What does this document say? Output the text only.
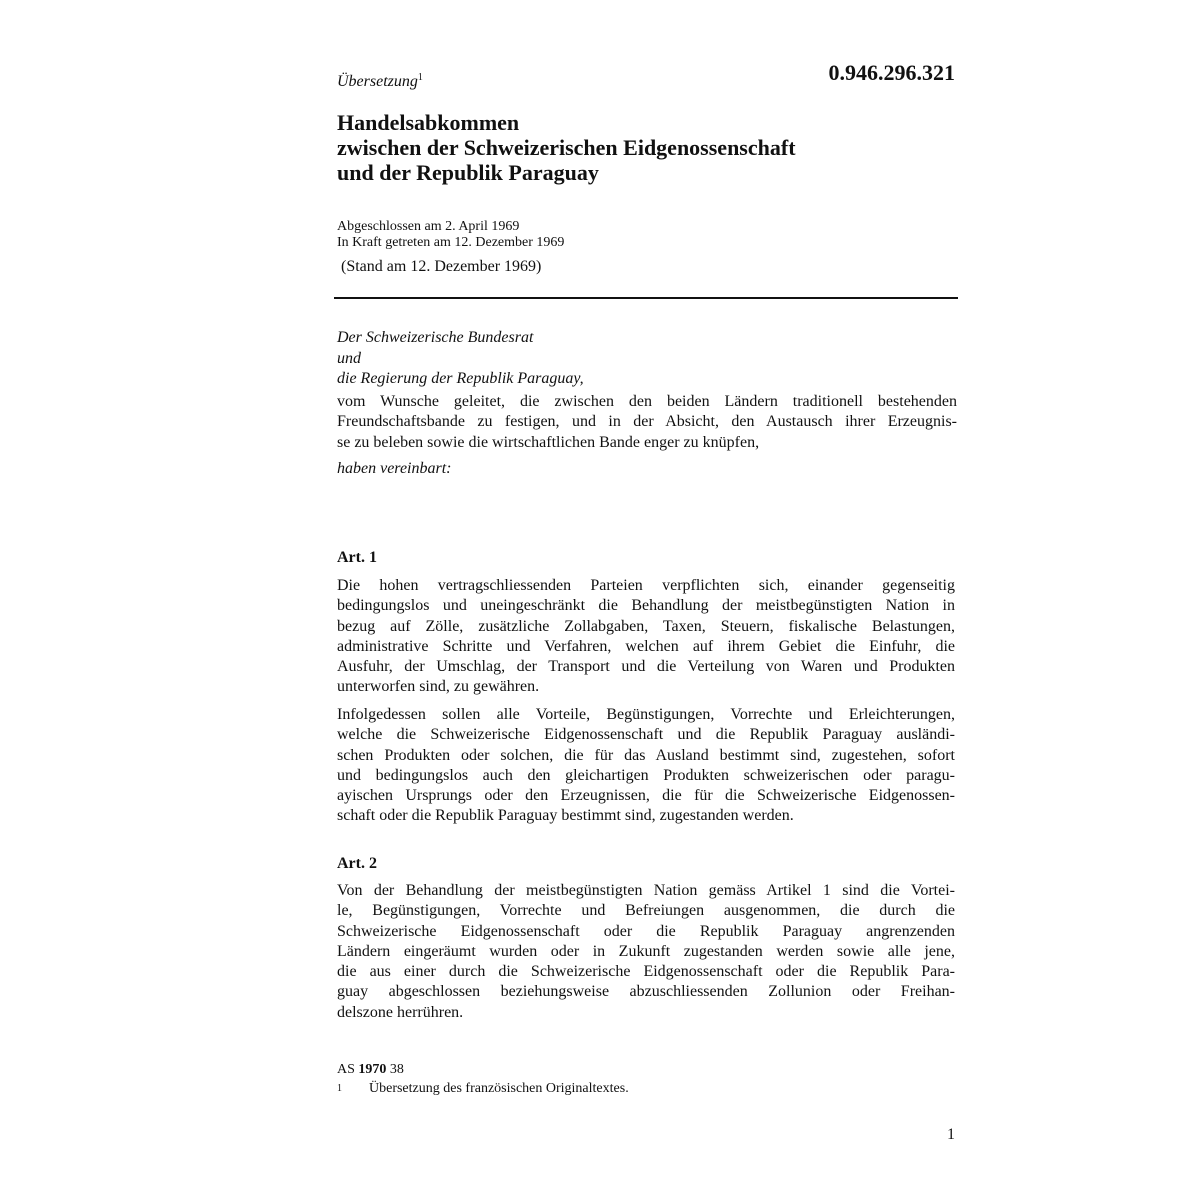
Übersetzung$^1$	0.946.296.321
Handelsabkommen
zwischen der Schweizerischen Eidgenossenschaft
und der Republik Paraguay
Abgeschlossen am 2. April 1969
In Kraft getreten am 12. Dezember 1969
(Stand am 12. Dezember 1969)
Der Schweizerische Bundesrat
und
die Regierung der Republik Paraguay,
vom Wunsche geleitet, die zwischen den beiden Ländern traditionell bestehenden
Freundschaftsbande zu festigen, und in der Absicht, den Austausch ihrer Erzeugnis-
se zu beleben sowie die wirtschaftlichen Bande enger zu knüpfen,
haben vereinbart:
Art. 1
Die hohen vertragschliessenden Parteien verpflichten sich, einander gegenseitig
bedingungslos und uneingeschränkt die Behandlung der meistbegünstigten Nation in
bezug auf Zölle, zusätzliche Zollabgaben, Taxen, Steuern, fiskalische Belastungen,
administrative Schritte und Verfahren, welchen auf ihrem Gebiet die Einfuhr, die
Ausfuhr, der Umschlag, der Transport und die Verteilung von Waren und Produkten
unterworfen sind, zu gewähren.
Infolgedessen sollen alle Vorteile, Begünstigungen, Vorrechte und Erleichterungen,
welche die Schweizerische Eidgenossenschaft und die Republik Paraguay ausländi-
schen Produkten oder solchen, die für das Ausland bestimmt sind, zugestehen, sofort
und bedingungslos auch den gleichartigen Produkten schweizerischen oder paragu-
ayischen Ursprungs oder den Erzeugnissen, die für die Schweizerische Eidgenossen-
schaft oder die Republik Paraguay bestimmt sind, zugestanden werden.
Art. 2
Von der Behandlung der meistbegünstigten Nation gemäss Artikel 1 sind die Vortei-
le, Begünstigungen, Vorrechte und Befreiungen ausgenommen, die durch die
Schweizerische Eidgenossenschaft oder die Republik Paraguay angrenzenden
Ländern eingeräumt wurden oder in Zukunft zugestanden werden sowie alle jene,
die aus einer durch die Schweizerische Eidgenossenschaft oder die Republik Para-
guay abgeschlossen beziehungsweise abzuschliessenden Zollunion oder Freihan-
delszone herrühren.
AS 1970 38
1	Übersetzung des französischen Originaltextes.
1
